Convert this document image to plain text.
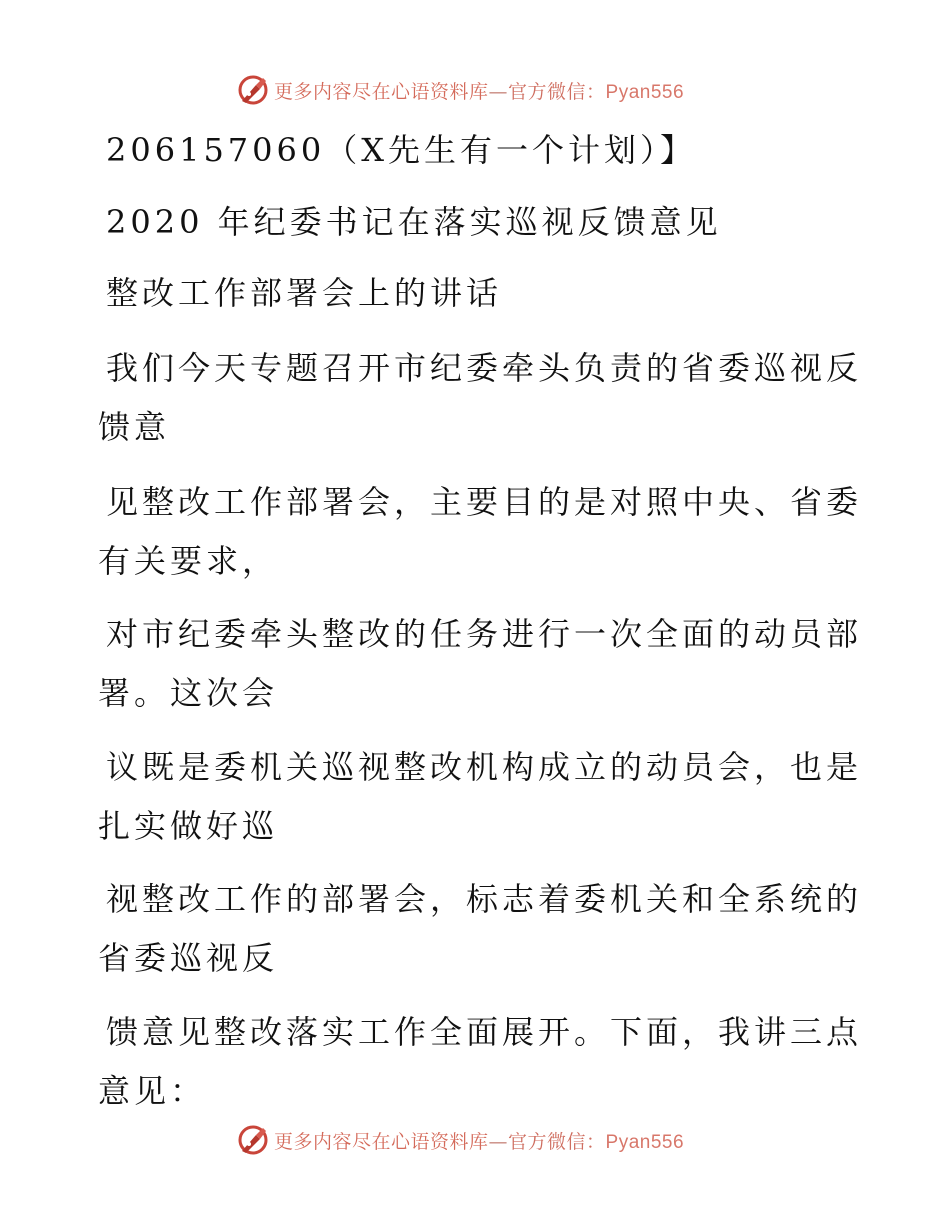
更多内容尽在心语资料库—官方微信：Pyan556
206157060（X先生有一个计划）】
2020 年纪委书记在落实巡视反馈意见
整改工作部署会上的讲话
我们今天专题召开市纪委牵头负责的省委巡视反
馈意
见整改工作部署会，主要目的是对照中央、省委
有关要求，
对市纪委牵头整改的任务进行一次全面的动员部
署。这次会
议既是委机关巡视整改机构成立的动员会，也是
扎实做好巡
视整改工作的部署会，标志着委机关和全系统的
省委巡视反
馈意见整改落实工作全面展开。下面，我讲三点
意见：
更多内容尽在心语资料库—官方微信：Pyan556
